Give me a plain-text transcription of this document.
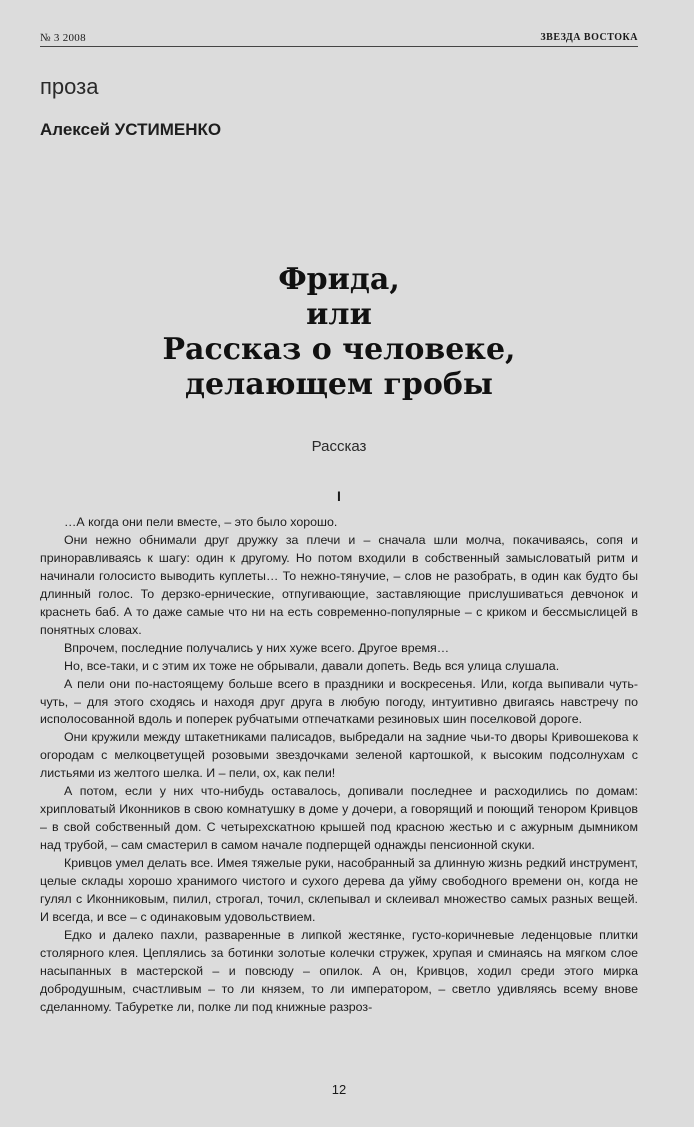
№ 3 2008	ЗВЕЗДА ВОСТОКА
проза
Алексей УСТИМЕНКО
Фрида,
или
Рассказ о человеке,
делающем гробы
Рассказ
I

…А когда они пели вместе, – это было хорошо.

Они нежно обнимали друг дружку за плечи и – сначала шли молча, покачиваясь, сопя и приноравливаясь к шагу: один к другому. Но потом входили в собственный замысловатый ритм и начинали голосисто выводить куплеты… То нежно-тянучие, – слов не разобрать, в один как будто бы длинный голос. То дерзко-ернические, отпугивающие, заставляющие прислушиваться девчонок и краснеть баб. А то даже самые что ни на есть современно-популярные – с криком и бессмыслицей в понятных словах.

Впрочем, последние получались у них хуже всего. Другое время…

Но, все-таки, и с этим их тоже не обрывали, давали допеть. Ведь вся улица слушала.

А пели они по-настоящему больше всего в праздники и воскресенья. Или, когда выпивали чуть-чуть, – для этого сходясь и находя друг друга в любую погоду, интуитивно двигаясь навстречу по исполосованной вдоль и поперек рубчатыми отпечатками резиновых шин поселковой дороге.

Они кружили между штакетниками палисадов, выбредали на задние чьи-то дворы Кривошекова к огородам с мелкоцветущей розовыми звездочками зеленой картошкой, к высоким подсолнухам с листьями из желтого шелка. И – пели, ох, как пели!

А потом, если у них что-нибудь оставалось, допивали последнее и расходились по домам: хрипловатый Иконников в свою комнатушку в доме у дочери, а говорящий и поющий тенором Кривцов – в свой собственный дом. С четырехскатною крышей под красною жестью и с ажурным дымником над трубой, – сам смастерил в самом начале подперщей однажды пенсионной скуки.

Кривцов умел делать все. Имея тяжелые руки, насобранный за длинную жизнь редкий инструмент, целые склады хорошо хранимого чистого и сухого дерева да уйму свободного времени он, когда не гулял с Иконниковым, пилил, строгал, точил, склепывал и склеивал множество самых разных вещей. И всегда, и все – с одинаковым удовольствием.

Едко и далеко пахли, разваренные в липкой жестянке, густо-коричневые леденцовые плитки столярного клея. Цеплялись за ботинки золотые колечки стружек, хрупая и сминаясь на мягком слое насыпанных в мастерской – и повсюду – опилок. А он, Кривцов, ходил среди этого мирка добродушным, счастливым – то ли князем, то ли императором, – светло удивляясь всему внове сделанному. Табуретке ли, полке ли под книжные разроз-

12
